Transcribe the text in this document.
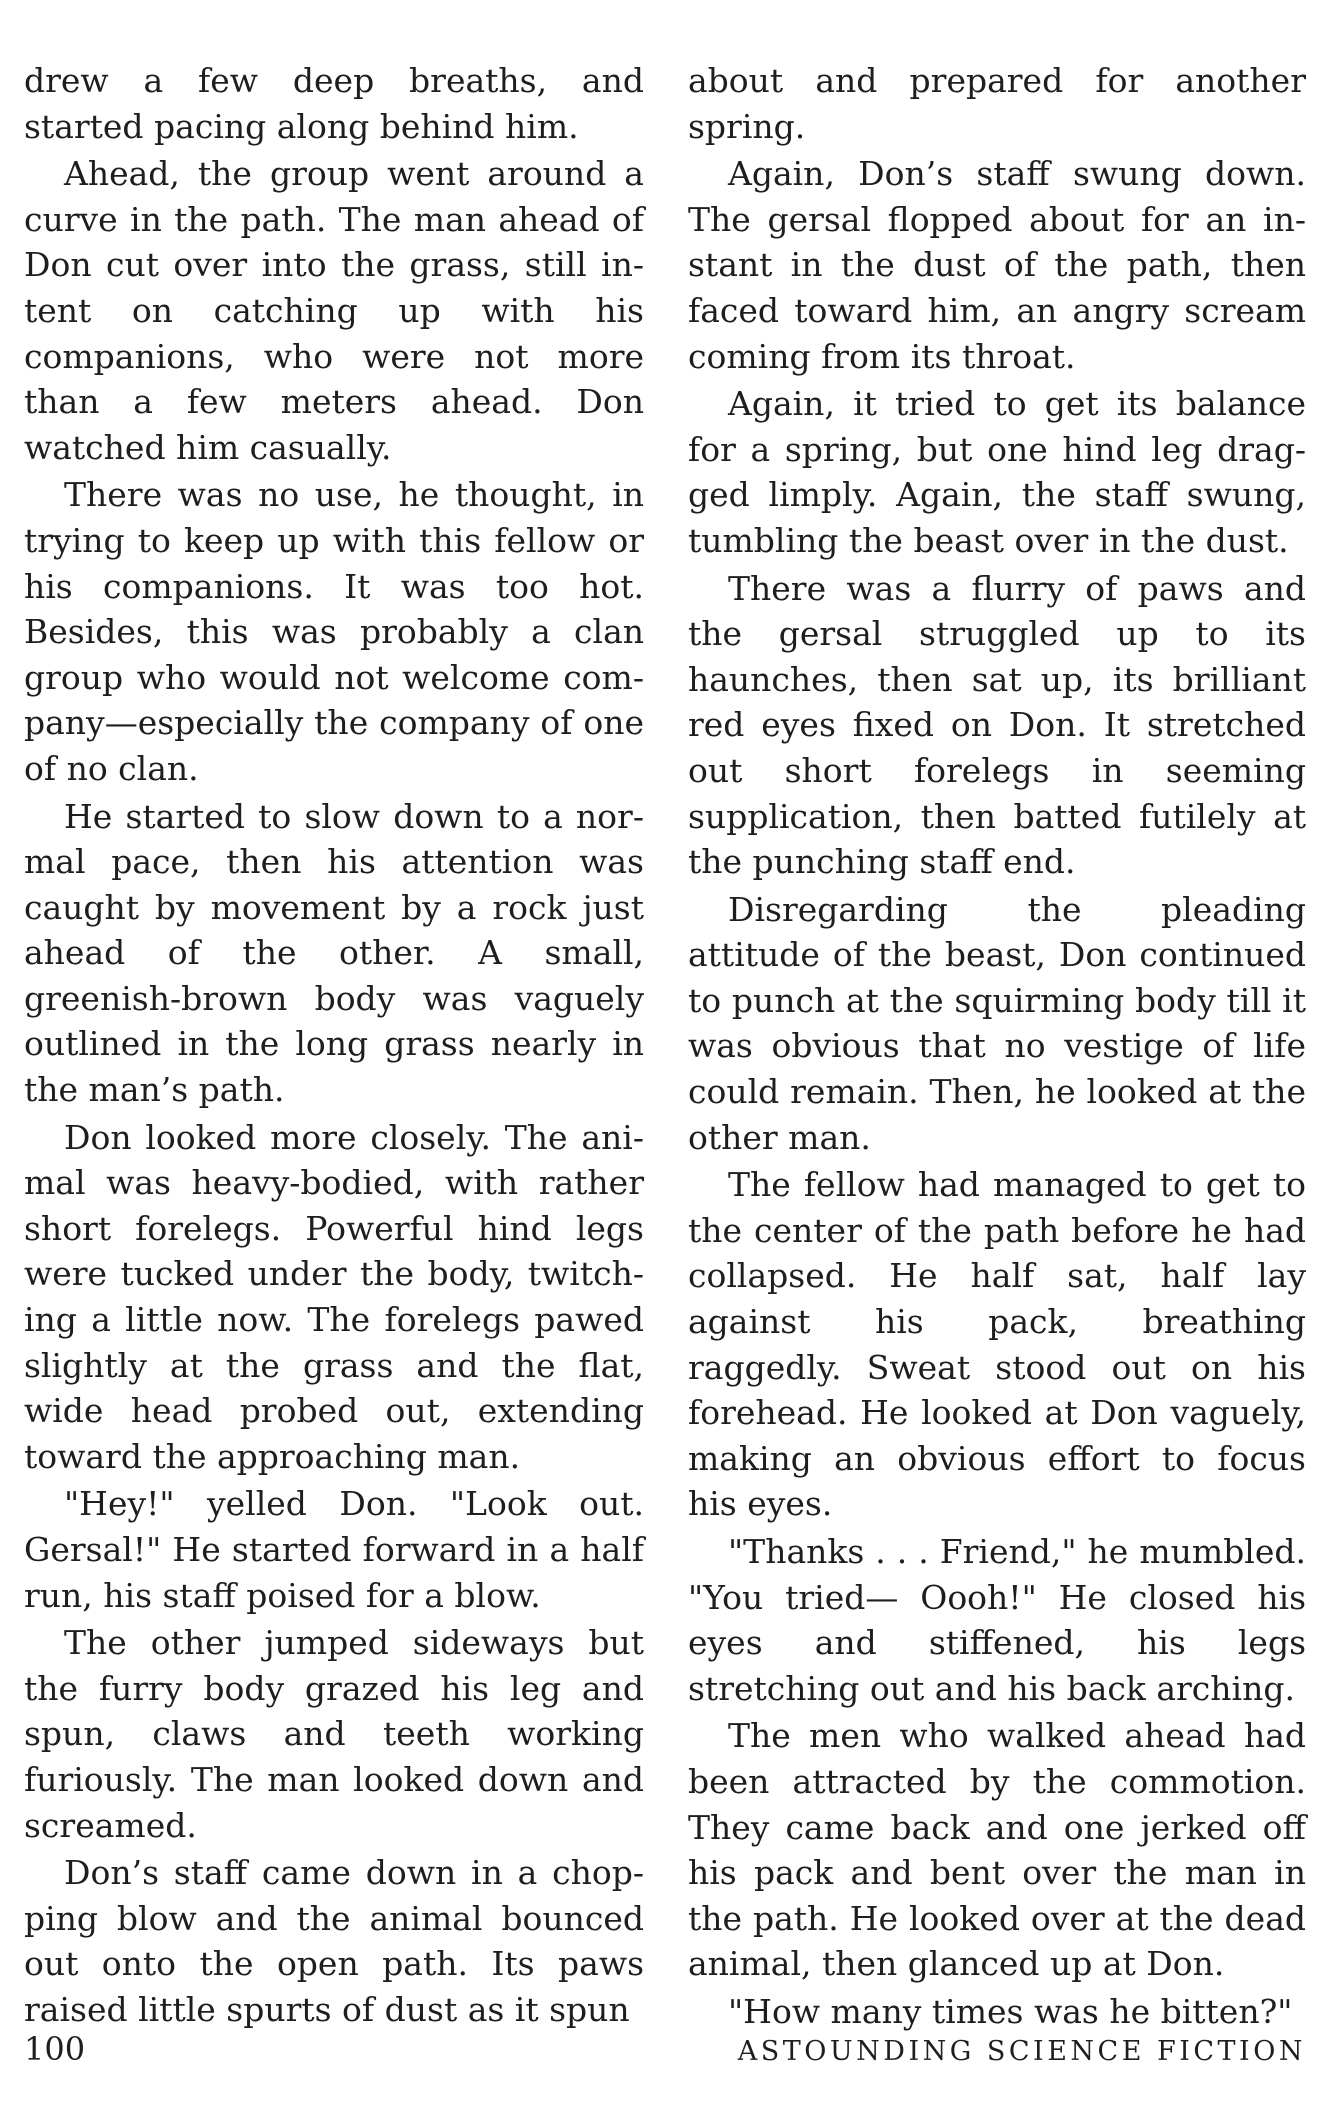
drew a few deep breaths, and started pacing along behind him.

Ahead, the group went around a curve in the path. The man ahead of Don cut over into the grass, still intent on catching up with his companions, who were not more than a few meters ahead. Don watched him casually.

There was no use, he thought, in trying to keep up with this fellow or his companions. It was too hot. Besides, this was probably a clan group who would not welcome company—especially the company of one of no clan.

He started to slow down to a normal pace, then his attention was caught by movement by a rock just ahead of the other. A small, greenish-brown body was vaguely outlined in the long grass nearly in the man’s path.

Don looked more closely. The animal was heavy-bodied, with rather short forelegs. Powerful hind legs were tucked under the body, twitching a little now. The forelegs pawed slightly at the grass and the flat, wide head probed out, extending toward the approaching man.

"Hey!" yelled Don. "Look out. Gersal!" He started forward in a half run, his staff poised for a blow.

The other jumped sideways but the furry body grazed his leg and spun, claws and teeth working furiously. The man looked down and screamed.

Don’s staff came down in a chopping blow and the animal bounced out onto the open path. Its paws raised little spurts of dust as it spun

about and prepared for another spring.

Again, Don’s staff swung down. The gersal flopped about for an instant in the dust of the path, then faced toward him, an angry scream coming from its throat.

Again, it tried to get its balance for a spring, but one hind leg dragged limply. Again, the staff swung, tumbling the beast over in the dust.

There was a flurry of paws and the gersal struggled up to its haunches, then sat up, its brilliant red eyes fixed on Don. It stretched out short forelegs in seeming supplication, then batted futilely at the punching staff end.

Disregarding the pleading attitude of the beast, Don continued to punch at the squirming body till it was obvious that no vestige of life could remain. Then, he looked at the other man.

The fellow had managed to get to the center of the path before he had collapsed. He half sat, half lay against his pack, breathing raggedly. Sweat stood out on his forehead. He looked at Don vaguely, making an obvious effort to focus his eyes.

"Thanks . . . Friend," he mumbled. "You tried— Oooh!" He closed his eyes and stiffened, his legs stretching out and his back arching.

The men who walked ahead had been attracted by the commotion. They came back and one jerked off his pack and bent over the man in the path. He looked over at the dead animal, then glanced up at Don.

"How many times was he bitten?"

100	ASTOUNDING SCIENCE FICTION
